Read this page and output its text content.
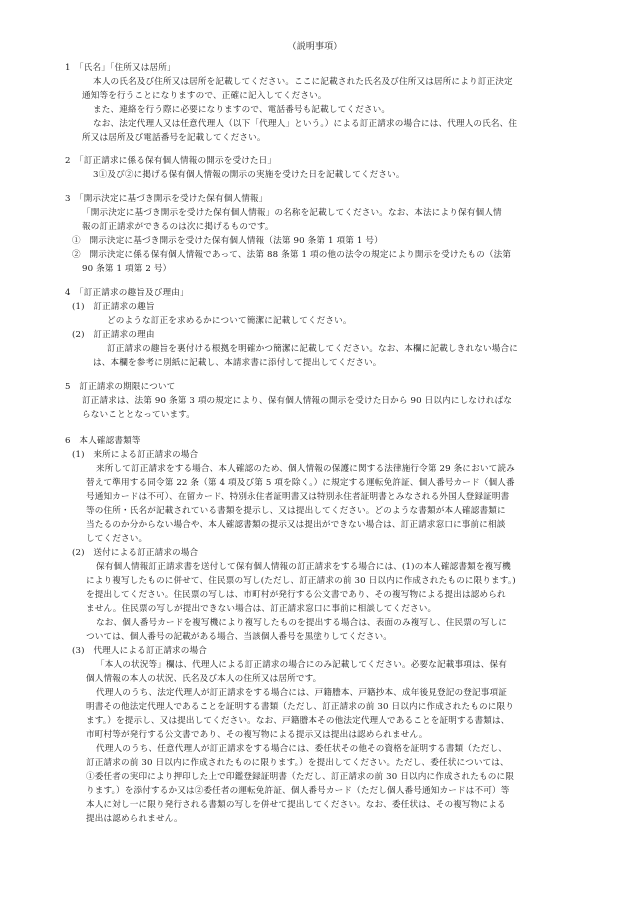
（説明事項）
1　「氏名」「住所又は居所」
本人の氏名及び住所又は居所を記載してください。ここに記載された氏名及び住所又は居所により訂正決定
通知等を行うことになりますので、正確に記入してください。
また、連絡を行う際に必要になりますので、電話番号も記載してください。
なお、法定代理人又は任意代理人（以下「代理人」という。）による訂正請求の場合には、代理人の氏名、住
所又は居所及び電話番号を記載してください。
2　「訂正請求に係る保有個人情報の開示を受けた日」
3①及び②に掲げる保有個人情報の開示の実施を受けた日を記載してください。
3　「開示決定に基づき開示を受けた保有個人情報」
「開示決定に基づき開示を受けた保有個人情報」の名称を記載してください。なお、本法により保有個人情
報の訂正請求ができるのは次に掲げるものです。
①　開示決定に基づき開示を受けた保有個人情報（法第 90 条第 1 項第 1 号）
②　開示決定に係る保有個人情報であって、法第 88 条第 1 項の他の法令の規定により開示を受けたもの（法第
90 条第 1 項第 2 号）
4　「訂正請求の趣旨及び理由」
(1)　訂正請求の趣旨
どのような訂正を求めるかについて簡潔に記載してください。
(2)　訂正請求の理由
訂正請求の趣旨を裏付ける根拠を明確かつ簡潔に記載してください。なお、本欄に記載しきれない場合に
は、本欄を参考に別紙に記載し、本請求書に添付して提出してください。
5　訂正請求の期限について
訂正請求は、法第 90 条第 3 項の規定により、保有個人情報の開示を受けた日から 90 日以内にしなければな
らないこととなっています。
6　本人確認書類等
(1)　来所による訂正請求の場合
来所して訂正請求をする場合、本人確認のため、個人情報の保護に関する法律施行令第 29 条において読み
替えて準用する同令第 22 条（第 4 項及び第 5 項を除く。）に規定する運転免許証、個人番号カード（個人番
号通知カードは不可）、在留カード、特別永住者証明書又は特別永住者証明書とみなされる外国人登録証明書
等の住所・氏名が記載されている書類を提示し、又は提出してください。どのような書類が本人確認書類に
当たるのか分からない場合や、本人確認書類の提示又は提出ができない場合は、訂正請求窓口に事前に相談
してください。
(2)　送付による訂正請求の場合
保有個人情報訂正請求書を送付して保有個人情報の訂正請求をする場合には、(1)の本人確認書類を複写機
により複写したものに併せて、住民票の写し(ただし、訂正請求の前 30 日以内に作成されたものに限ります。)
を提出してください。住民票の写しは、市町村が発行する公文書であり、その複写物による提出は認められ
ません。住民票の写しが提出できない場合は、訂正請求窓口に事前に相談してください。
なお、個人番号カードを複写機により複写したものを提出する場合は、表面のみ複写し、住民票の写しに
ついては、個人番号の記載がある場合、当該個人番号を黒塗りしてください。
(3)　代理人による訂正請求の場合
「本人の状況等」欄は、代理人による訂正請求の場合にのみ記載してください。必要な記載事項は、保有
個人情報の本人の状況、氏名及び本人の住所又は居所です。
代理人のうち、法定代理人が訂正請求をする場合には、戸籍謄本、戸籍抄本、成年後見登記の登記事項証
明書その他法定代理人であることを証明する書類（ただし、訂正請求の前 30 日以内に作成されたものに限り
ます。）を提示し、又は提出してください。なお、戸籍謄本その他法定代理人であることを証明する書類は、
市町村等が発行する公文書であり、その複写物による提示又は提出は認められません。
代理人のうち、任意代理人が訂正請求をする場合には、委任状その他その資格を証明する書類（ただし、
訂正請求の前 30 日以内に作成されたものに限ります。）を提出してください。ただし、委任状については、
①委任者の実印により押印した上で印鑑登録証明書（ただし、訂正請求の前 30 日以内に作成されたものに限
ります。）を添付するか又は②委任者の運転免許証、個人番号カード（ただし個人番号通知カードは不可）等
本人に対し一に限り発行される書類の写しを併せて提出してください。なお、委任状は、その複写物による
提出は認められません。
